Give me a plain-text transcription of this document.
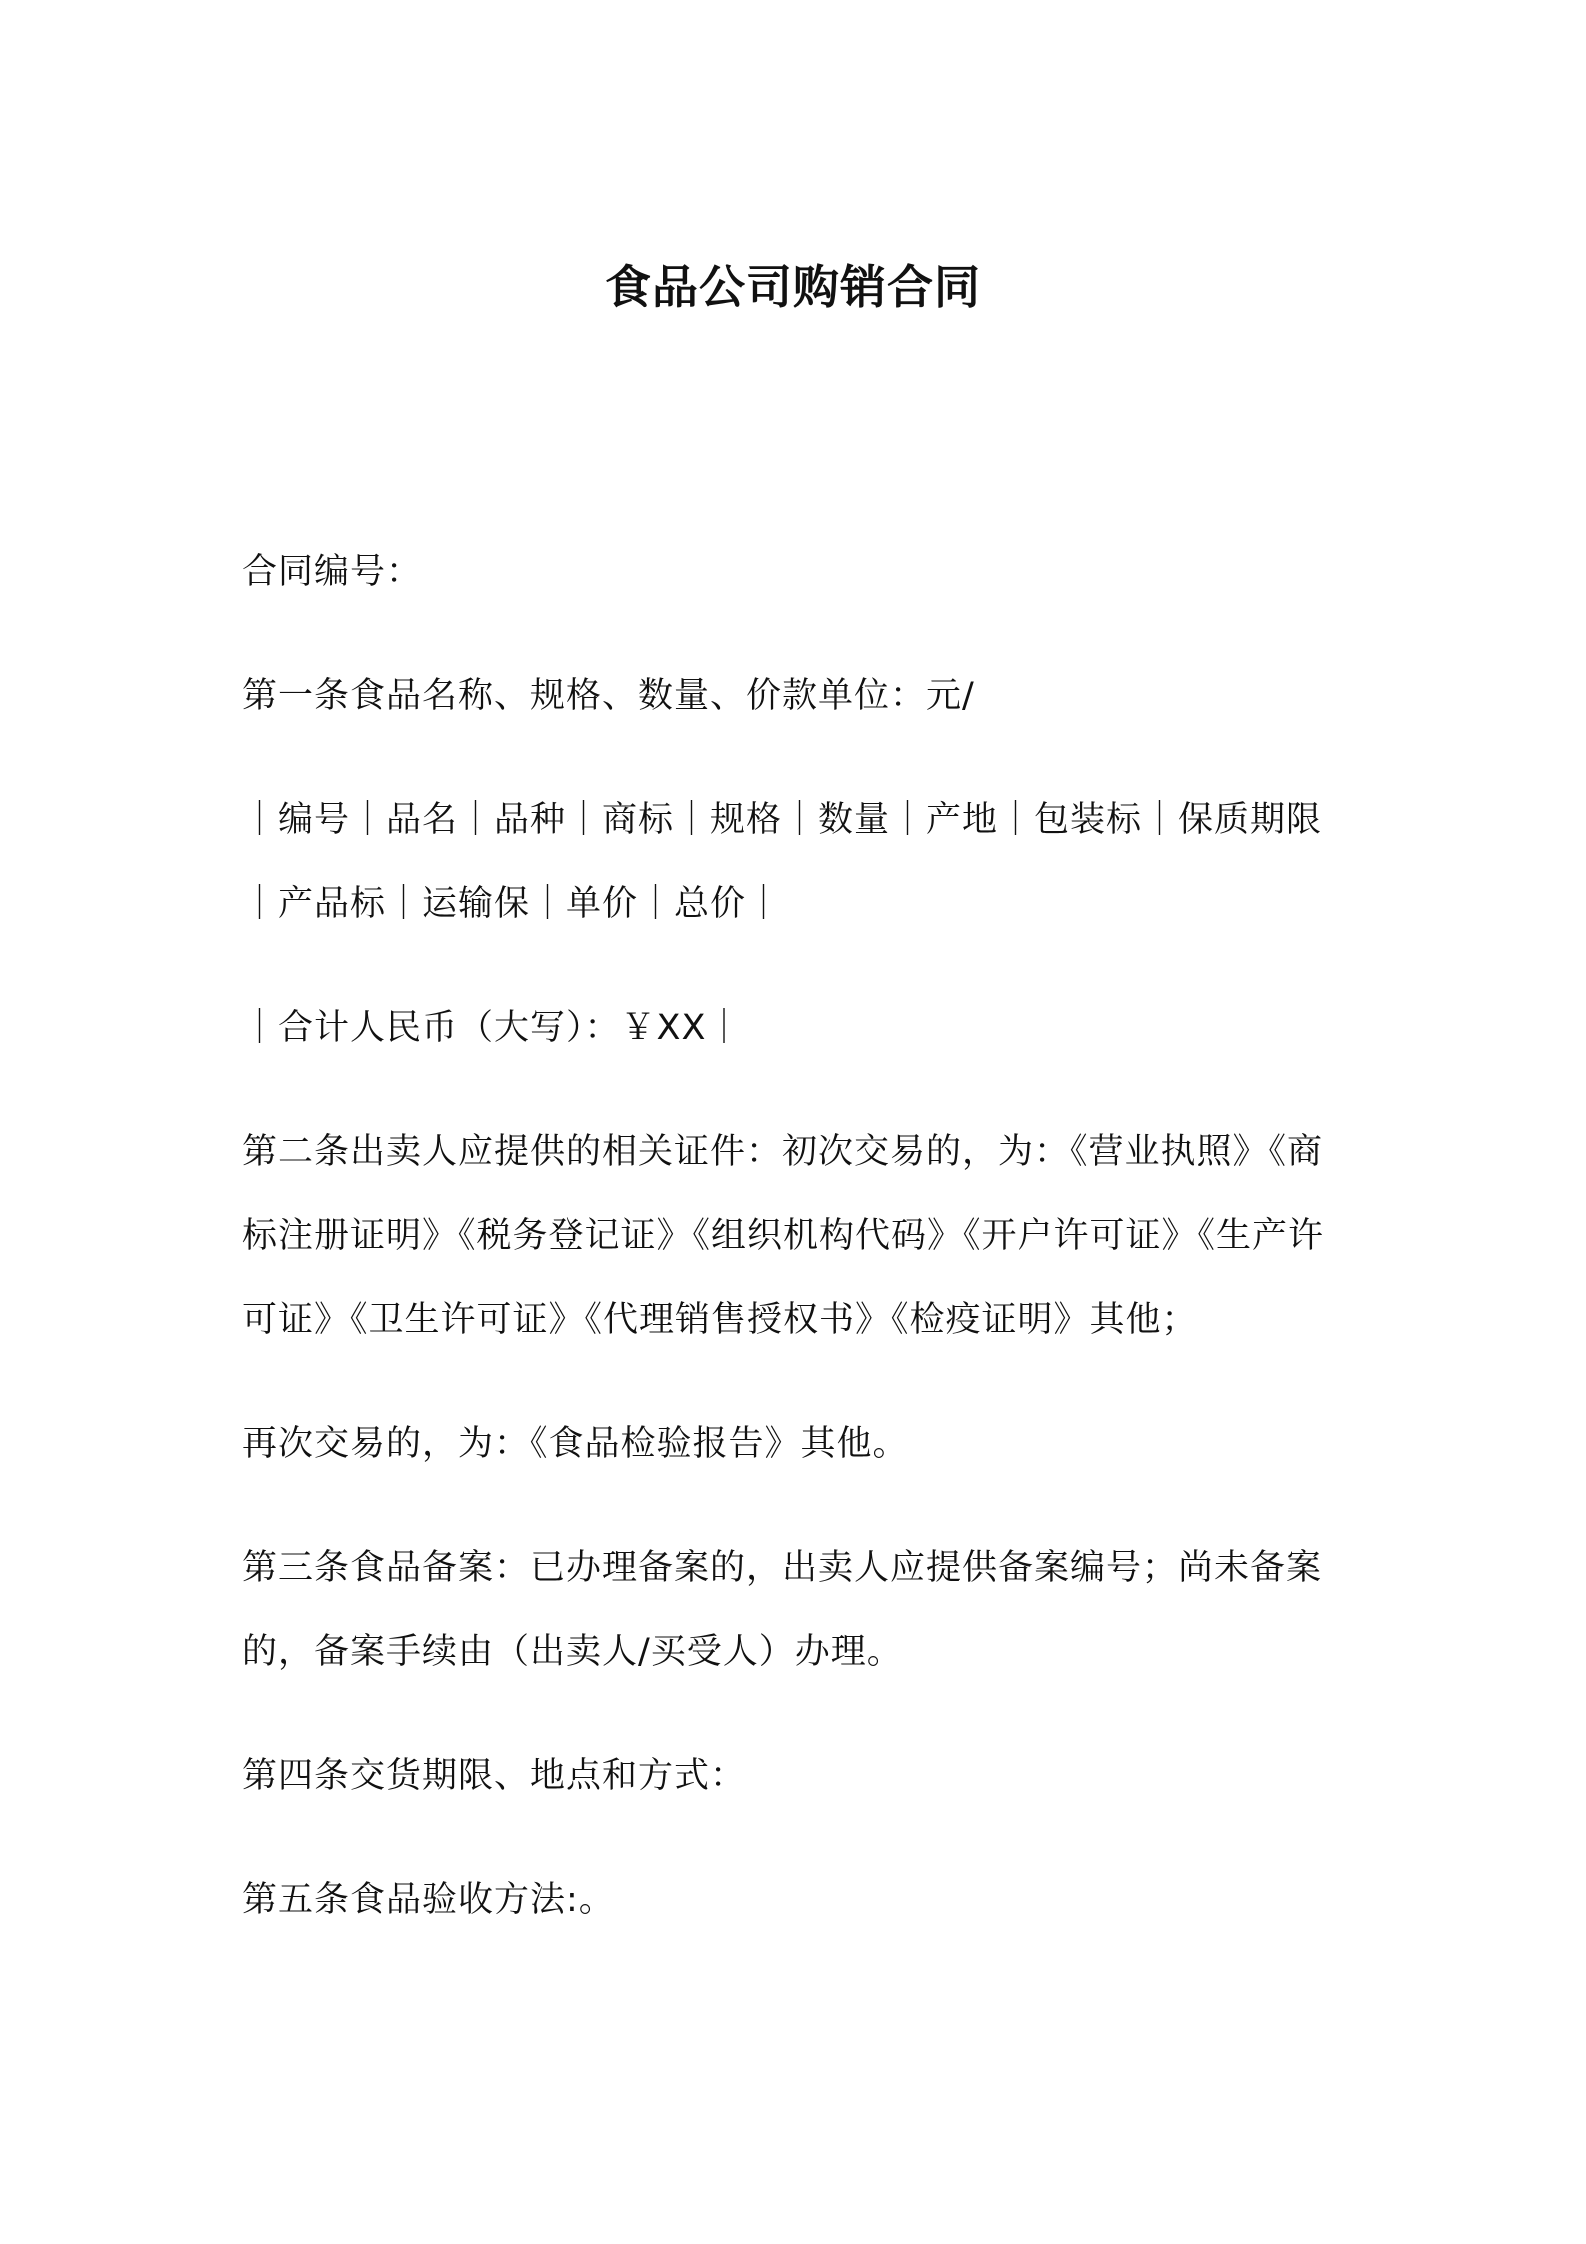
食品公司购销合同

合同编号：

第一条食品名称、规格、数量、价款单位：元/

｜编号｜品名｜品种｜商标｜规格｜数量｜产地｜包装标｜保质期限｜产品标｜运输保｜单价｜总价｜

｜合计人民币（大写）：￥XX｜

第二条出卖人应提供的相关证件：初次交易的，为：《营业执照》《商标注册证明》《税务登记证》《组织机构代码》《开户许可证》《生产许可证》《卫生许可证》《代理销售授权书》《检疫证明》其他；

再次交易的，为：《食品检验报告》其他。

第三条食品备案：已办理备案的，出卖人应提供备案编号；尚未备案的，备案手续由（出卖人/买受人）办理。

第四条交货期限、地点和方式：

第五条食品验收方法:。
